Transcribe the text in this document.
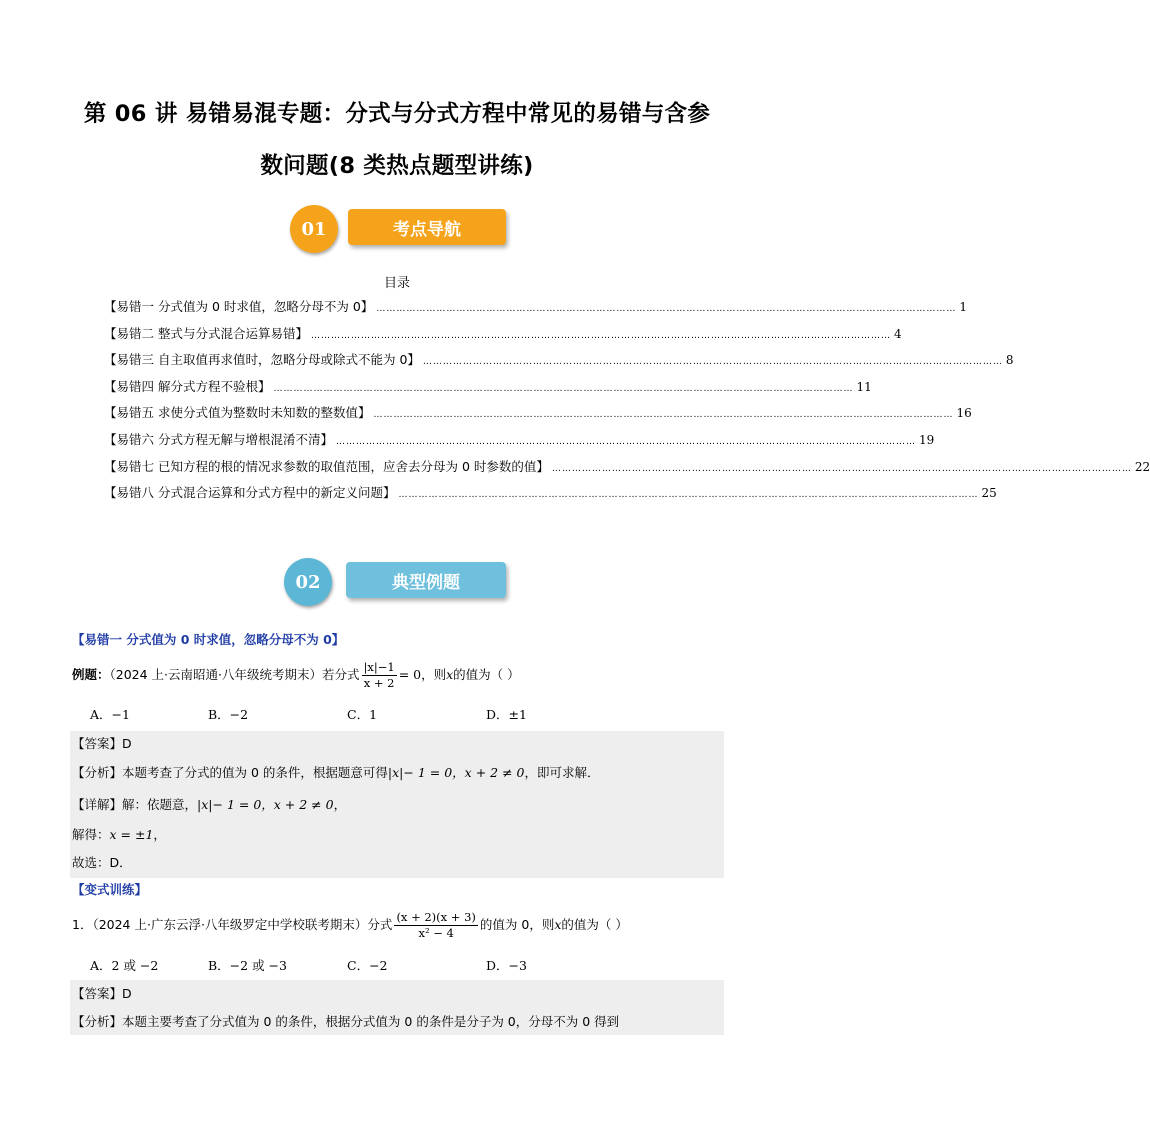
第 06 讲 易错易混专题：分式与分式方程中常见的易错与含参
数问题(8 类热点题型讲练)
01	考点导航
目录
【易错一 分式值为 0 时求值，忽略分母不为 0】 ………………………………………………………………………………………………………………………………………………………… 1
【易错二 整式与分式混合运算易错】 ………………………………………………………………………………………………………………………………………………………… 4
【易错三 自主取值再求值时，忽略分母或除式不能为 0】 ………………………………………………………………………………………………………………………………………………………… 8
【易错四 解分式方程不验根】 ………………………………………………………………………………………………………………………………………………………… 11
【易错五 求使分式值为整数时未知数的整数值】 ………………………………………………………………………………………………………………………………………………………… 16
【易错六 分式方程无解与增根混淆不清】 ………………………………………………………………………………………………………………………………………………………… 19
【易错七 已知方程的根的情况求参数的取值范围，应舍去分母为 0 时参数的值】 ………………………………………………………………………………………………………………………………………………………… 22
【易错八 分式混合运算和分式方程中的新定义问题】 ………………………………………………………………………………………………………………………………………………………… 25
02	典型例题
【易错一 分式值为 0 时求值，忽略分母不为 0】
例题：（2024 上·云南昭通·八年级统考期末）若分式 $\frac{|x|-1}{x + 2} = 0$，则x的值为（ ）
A．−1	B．−2	C．1	D．±1
【答案】D
【分析】本题考查了分式的值为 0 的条件，根据题意可得|x|− 1 = 0，x + 2 ≠ 0，即可求解．
【详解】解：依题意，|x|− 1 = 0，x + 2 ≠ 0，
解得：x = ±1，
故选：D．
【变式训练】
1．（2024 上·广东云浮·八年级罗定中学校联考期末）分式 $\frac{(x + 2)(x + 3)}{\text{x² − 4}}$ 的值为 0，则x的值为（ ）
A．2 或 −2	B．−2 或 −3	C．−2	D．−3
【答案】D
【分析】本题主要考查了分式值为 0 的条件，根据分式值为 0 的条件是分子为 0，分母不为 0 得到
